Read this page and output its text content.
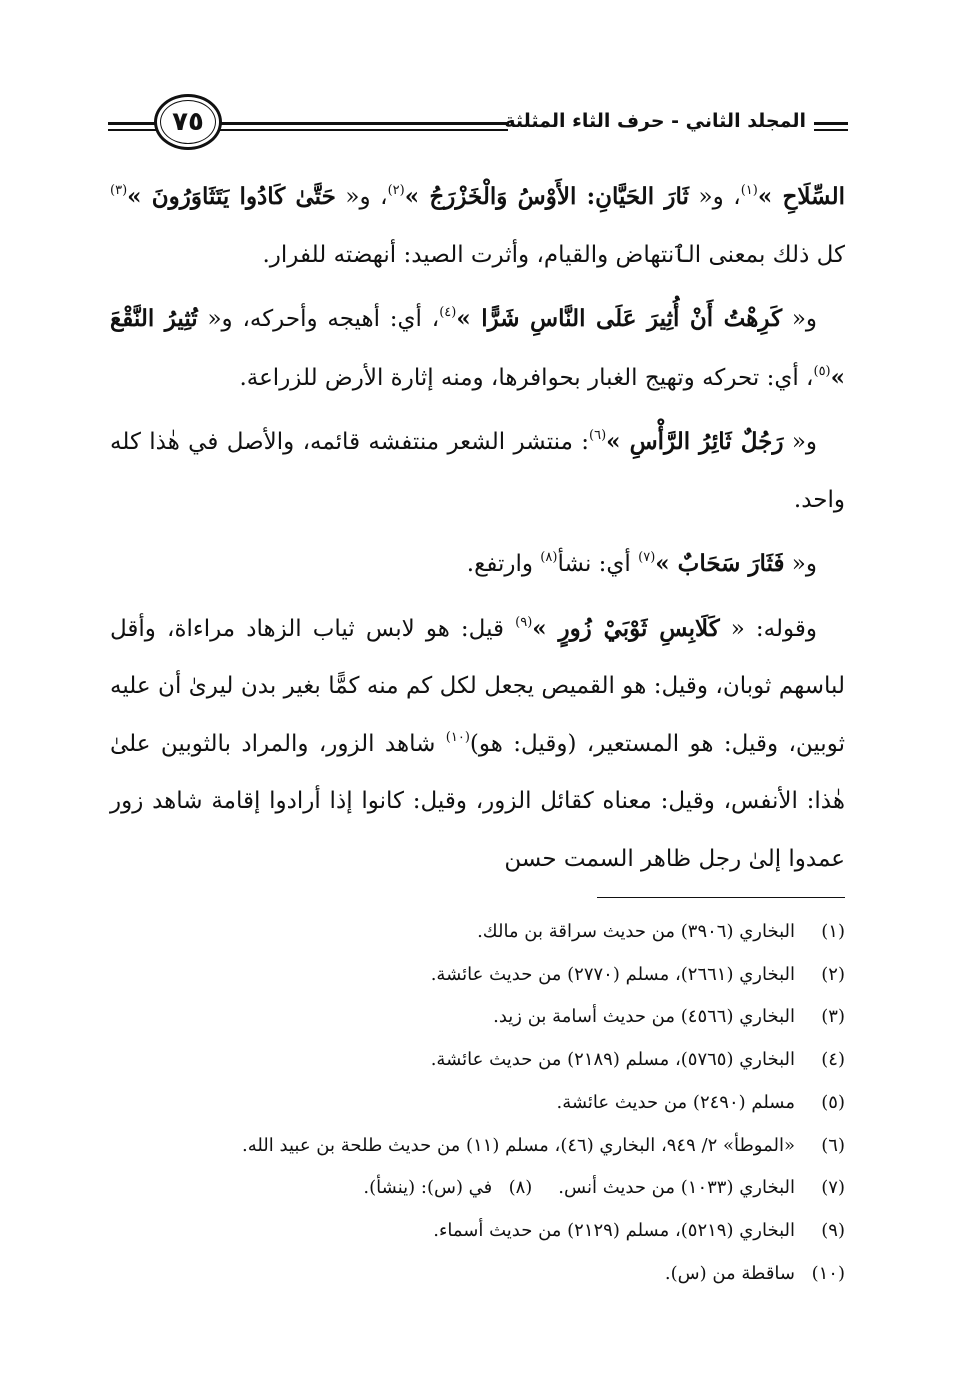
المجلد الثاني - حرف الثاء المثلثة
٧٥

السِّلَاحِ »$^{(١)}$، و« ثَارَ الحَيَّانِ: الأَوْسُ وَالْخَزْرَجُ »$^{(٢)}$، و« حَتَّىٰ كَادُوا يَتَثَاوَرُونَ »$^{(٣)}$ كل ذلك بمعنى الٱنتهاض والقيام، وأثرت الصيد: أنهضته للفرار.

و« كَرِهْتُ أَنْ أُثِيرَ عَلَى النَّاسِ شَرًّا »$^{(٤)}$، أي: أهيجه وأحركه، و« تُثِيرُ النَّقْعَ »$^{(٥)}$، أي: تحركه وتهيج الغبار بحوافرها، ومنه إثارة الأرض للزراعة.

و« رَجُلٌ ثَائِرُ الرَّأْسِ »$^{(٦)}$: منتشر الشعر منتفشه قائمه، والأصل في هٰذا كله واحد.

و« فَثَارَ سَحَابٌ »$^{(٧)}$ أي: نشأ$^{(٨)}$ وارتفع.

وقوله: « كَلَابِسِ ثَوْبَيْ زُورٍ »$^{(٩)}$ قيل: هو لابس ثياب الزهاد مراءاة، وأقل لباسهم ثوبان، وقيل: هو القميص يجعل لكل كم منه كمًّا بغير بدن ليرىٰ أن عليه ثوبين، وقيل: هو المستعير، (وقيل: هو)$^{(١٠)}$ شاهد الزور، والمراد بالثوبين علىٰ هٰذا: الأنفس، وقيل: معناه كقائل الزور، وقيل: كانوا إذا أرادوا إقامة شاهد زور عمدوا إلىٰ رجل ظاهر السمت حسن

(١)البخاري (٣٩٠٦) من حديث سراقة بن مالك.
(٢)البخاري (٢٦٦١)، مسلم (٢٧٧٠) من حديث عائشة.
(٣)البخاري (٤٥٦٦) من حديث أسامة بن زيد.
(٤)البخاري (٥٧٦٥)، مسلم (٢١٨٩) من حديث عائشة.
(٥)مسلم (٢٤٩٠) من حديث عائشة.
(٦)«الموطأ» ٢/ ٩٤٩، البخاري (٤٦)، مسلم (١١) من حديث طلحة بن عبيد الله.
(٧)البخاري (١٠٣٣) من حديث أنس.(٨)في (س): (ينشأ).
(٩)البخاري (٥٢١٩)، مسلم (٢١٢٩) من حديث أسماء.
(١٠)ساقطة من (س).
